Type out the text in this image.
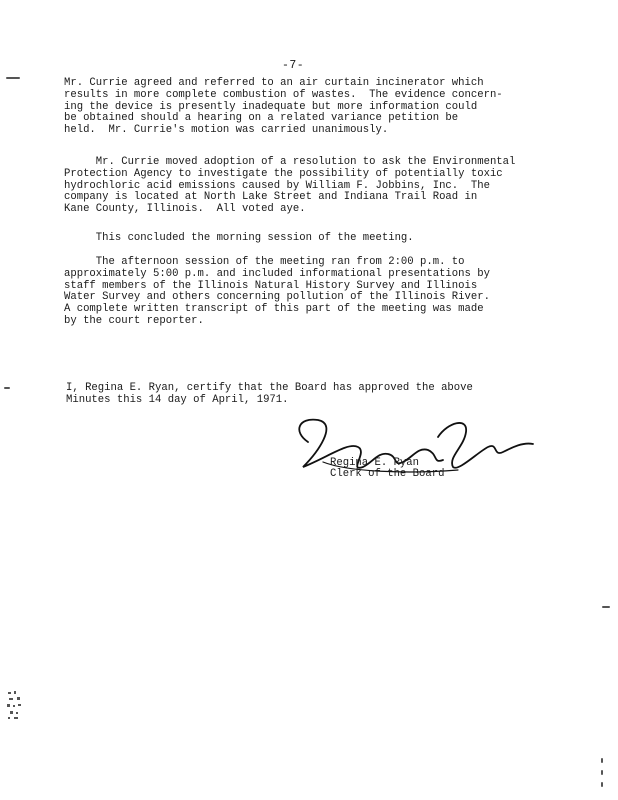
-7-

Mr. Currie agreed and referred to an air curtain incinerator which
results in more complete combustion of wastes.  The evidence concern-
ing the device is presently inadequate but more information could
be obtained should a hearing on a related variance petition be
held.  Mr. Currie's motion was carried unanimously.

Mr. Currie moved adoption of a resolution to ask the Environmental
Protection Agency to investigate the possibility of potentially toxic
hydrochloric acid emissions caused by William F. Jobbins, Inc.  The
company is located at North Lake Street and Indiana Trail Road in
Kane County, Illinois.  All voted aye.

This concluded the morning session of the meeting.

The afternoon session of the meeting ran from 2:00 p.m. to
approximately 5:00 p.m. and included informational presentations by
staff members of the Illinois Natural History Survey and Illinois
Water Survey and others concerning pollution of the Illinois River.
A complete written transcript of this part of the meeting was made
by the court reporter.

I, Regina E. Ryan, certify that the Board has approved the above
Minutes this 14 day of April, 1971.

Regina E. Ryan
Clerk of the Board
